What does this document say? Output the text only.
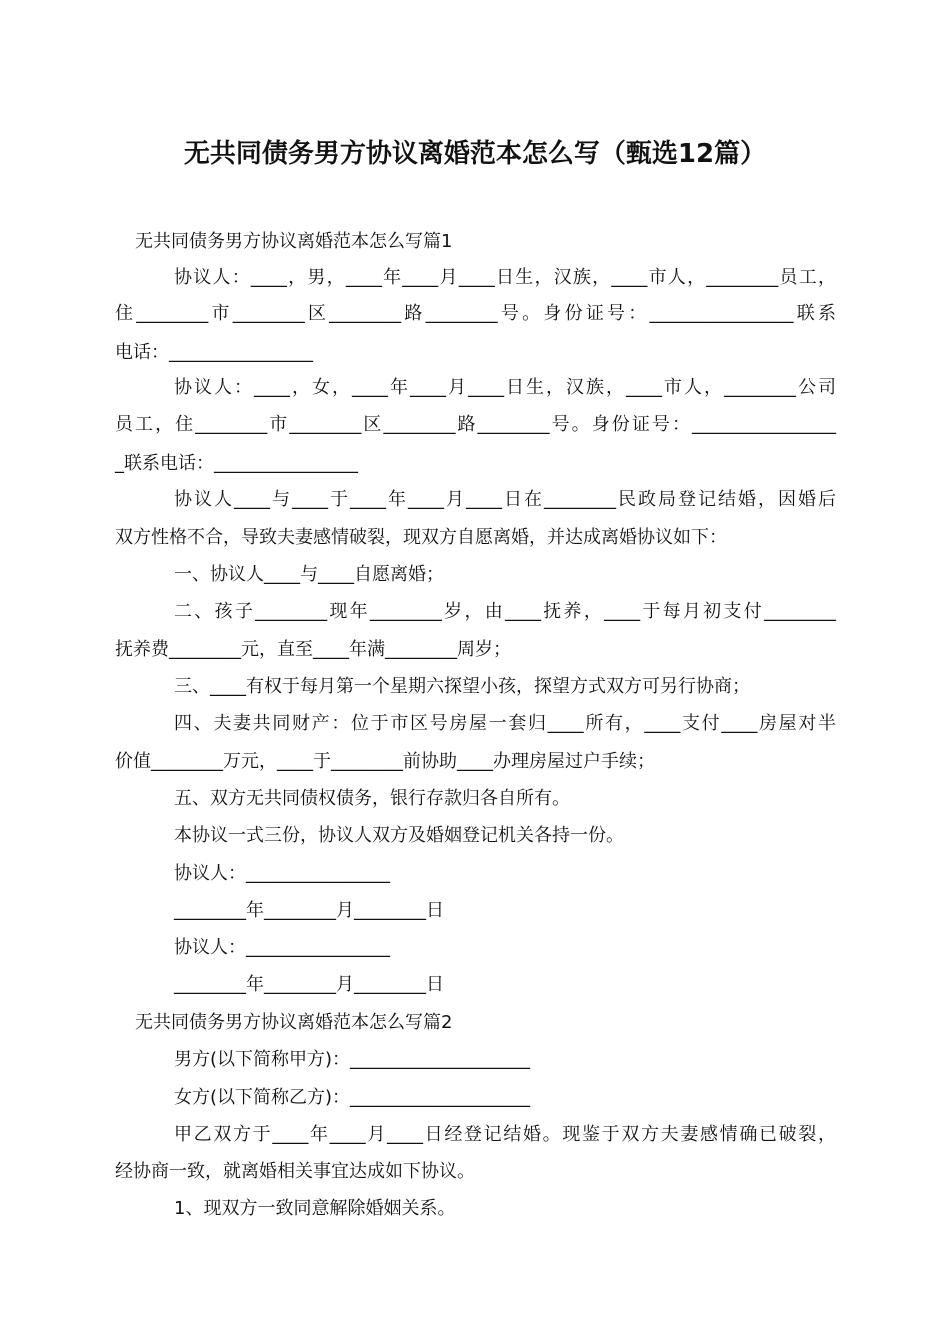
无共同债务男方协议离婚范本怎么写（甄选12篇）
无共同债务男方协议离婚范本怎么写篇1
协议人：____，男，____年____月____日生，汉族，____市人，________员工，
住________市________区________路________号。身份证号：________________联系
电话：________________
协议人：____，女，____年____月____日生，汉族，____市人，________公司
员工，住________市________区________路________号。身份证号：________________
_联系电话：________________
协议人____与____于____年____月____日在________民政局登记结婚，因婚后
双方性格不合，导致夫妻感情破裂，现双方自愿离婚，并达成离婚协议如下：
一、协议人____与____自愿离婚；
二、孩子________现年________岁，由____抚养，____于每月初支付________
抚养费________元，直至____年满________周岁；
三、____有权于每月第一个星期六探望小孩，探望方式双方可另行协商；
四、夫妻共同财产：位于市区号房屋一套归____所有，____支付____房屋对半
价值________万元，____于________前协助____办理房屋过户手续；
五、双方无共同债权债务，银行存款归各自所有。
本协议一式三份，协议人双方及婚姻登记机关各持一份。
协议人：________________
________年________月________日
协议人：________________
________年________月________日
无共同债务男方协议离婚范本怎么写篇2
男方(以下简称甲方)：____________________
女方(以下简称乙方)：____________________
甲乙双方于____年____月____日经登记结婚。现鉴于双方夫妻感情确已破裂，
经协商一致，就离婚相关事宜达成如下协议。
1、现双方一致同意解除婚姻关系。
